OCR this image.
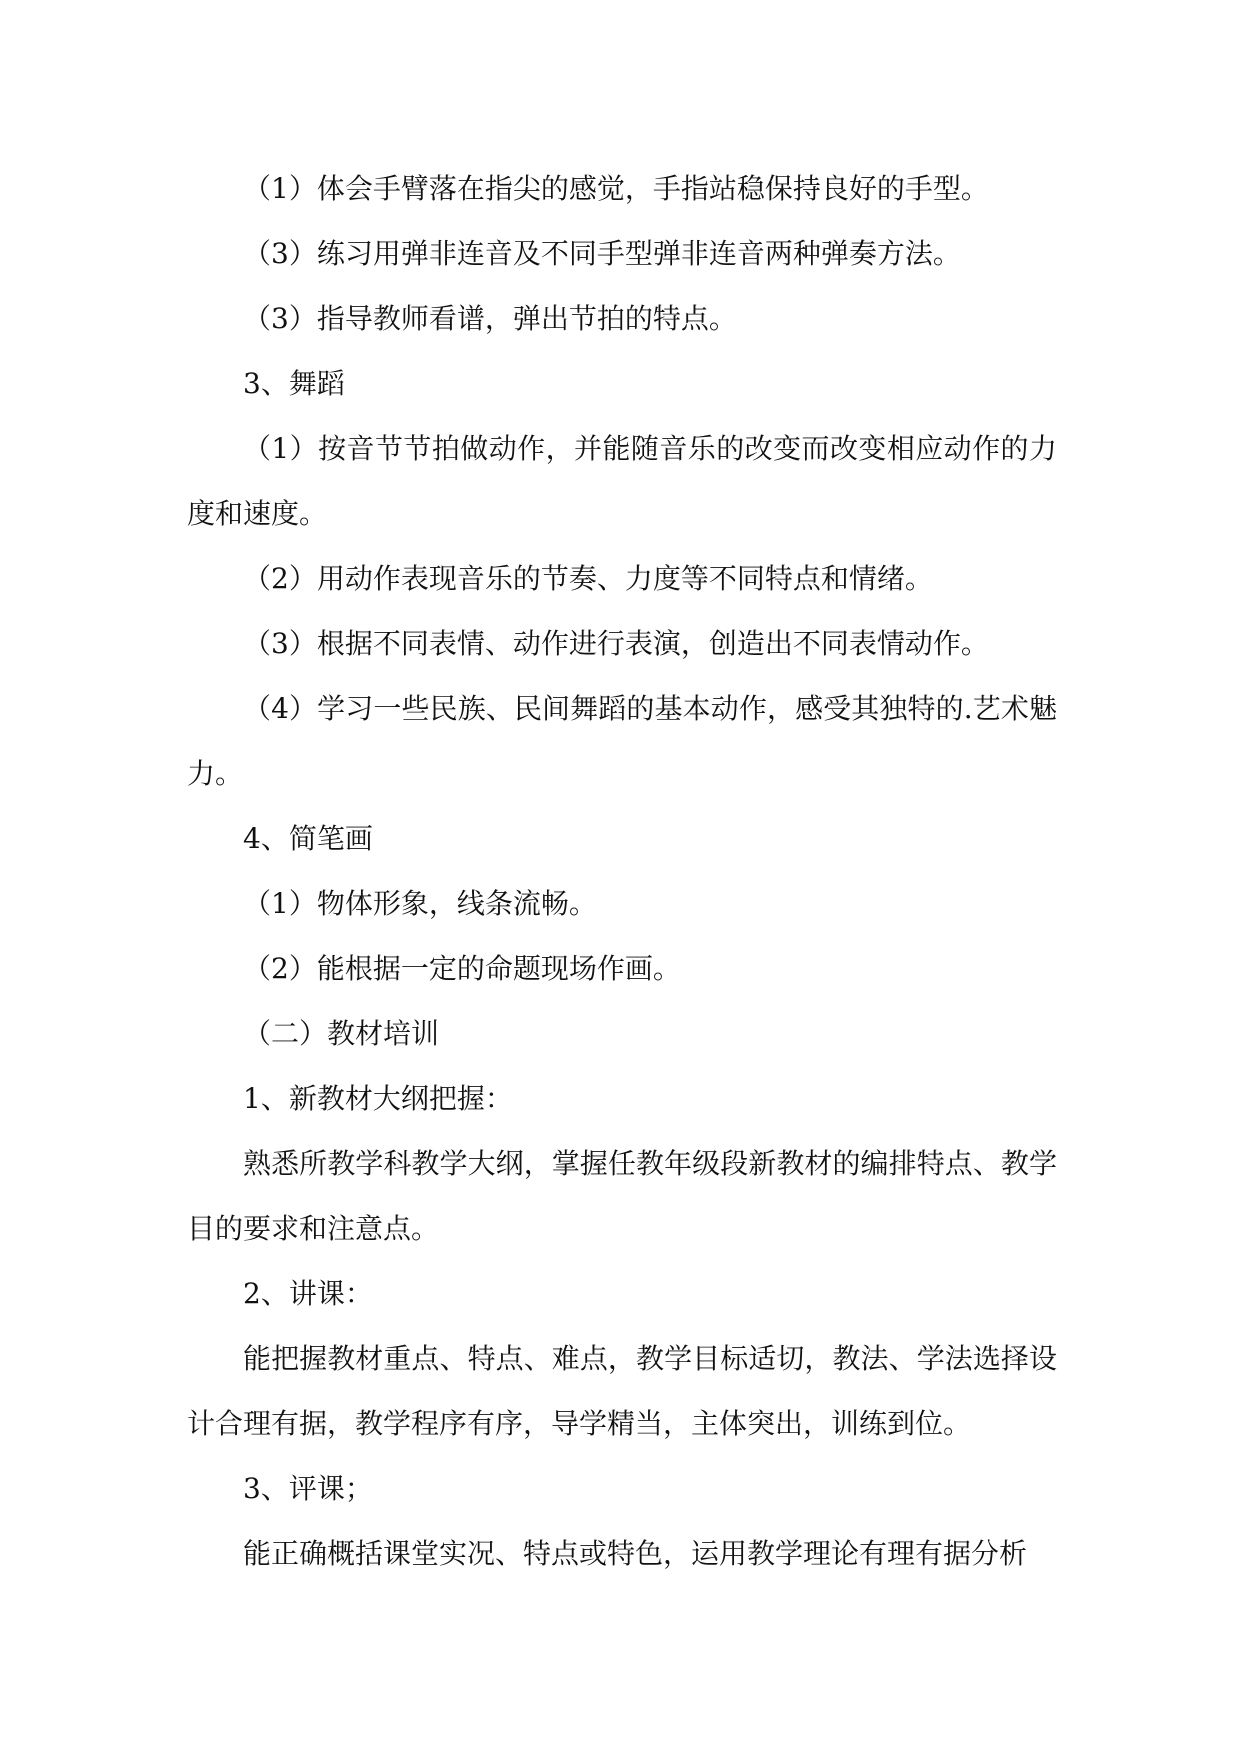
（1）体会手臂落在指尖的感觉，手指站稳保持良好的手型。

（3）练习用弹非连音及不同手型弹非连音两种弹奏方法。

（3）指导教师看谱，弹出节拍的特点。

3、舞蹈

（1）按音节节拍做动作，并能随音乐的改变而改变相应动作的力度和速度。

（2）用动作表现音乐的节奏、力度等不同特点和情绪。

（3）根据不同表情、动作进行表演，创造出不同表情动作。

（4）学习一些民族、民间舞蹈的基本动作，感受其独特的.艺术魅力。

4、简笔画

（1）物体形象，线条流畅。

（2）能根据一定的命题现场作画。

（二）教材培训

1、新教材大纲把握：

熟悉所教学科教学大纲，掌握任教年级段新教材的编排特点、教学目的要求和注意点。

2、讲课：

能把握教材重点、特点、难点，教学目标适切，教法、学法选择设计合理有据，教学程序有序，导学精当，主体突出，训练到位。

3、评课；

能正确概括课堂实况、特点或特色，运用教学理论有理有据分析
